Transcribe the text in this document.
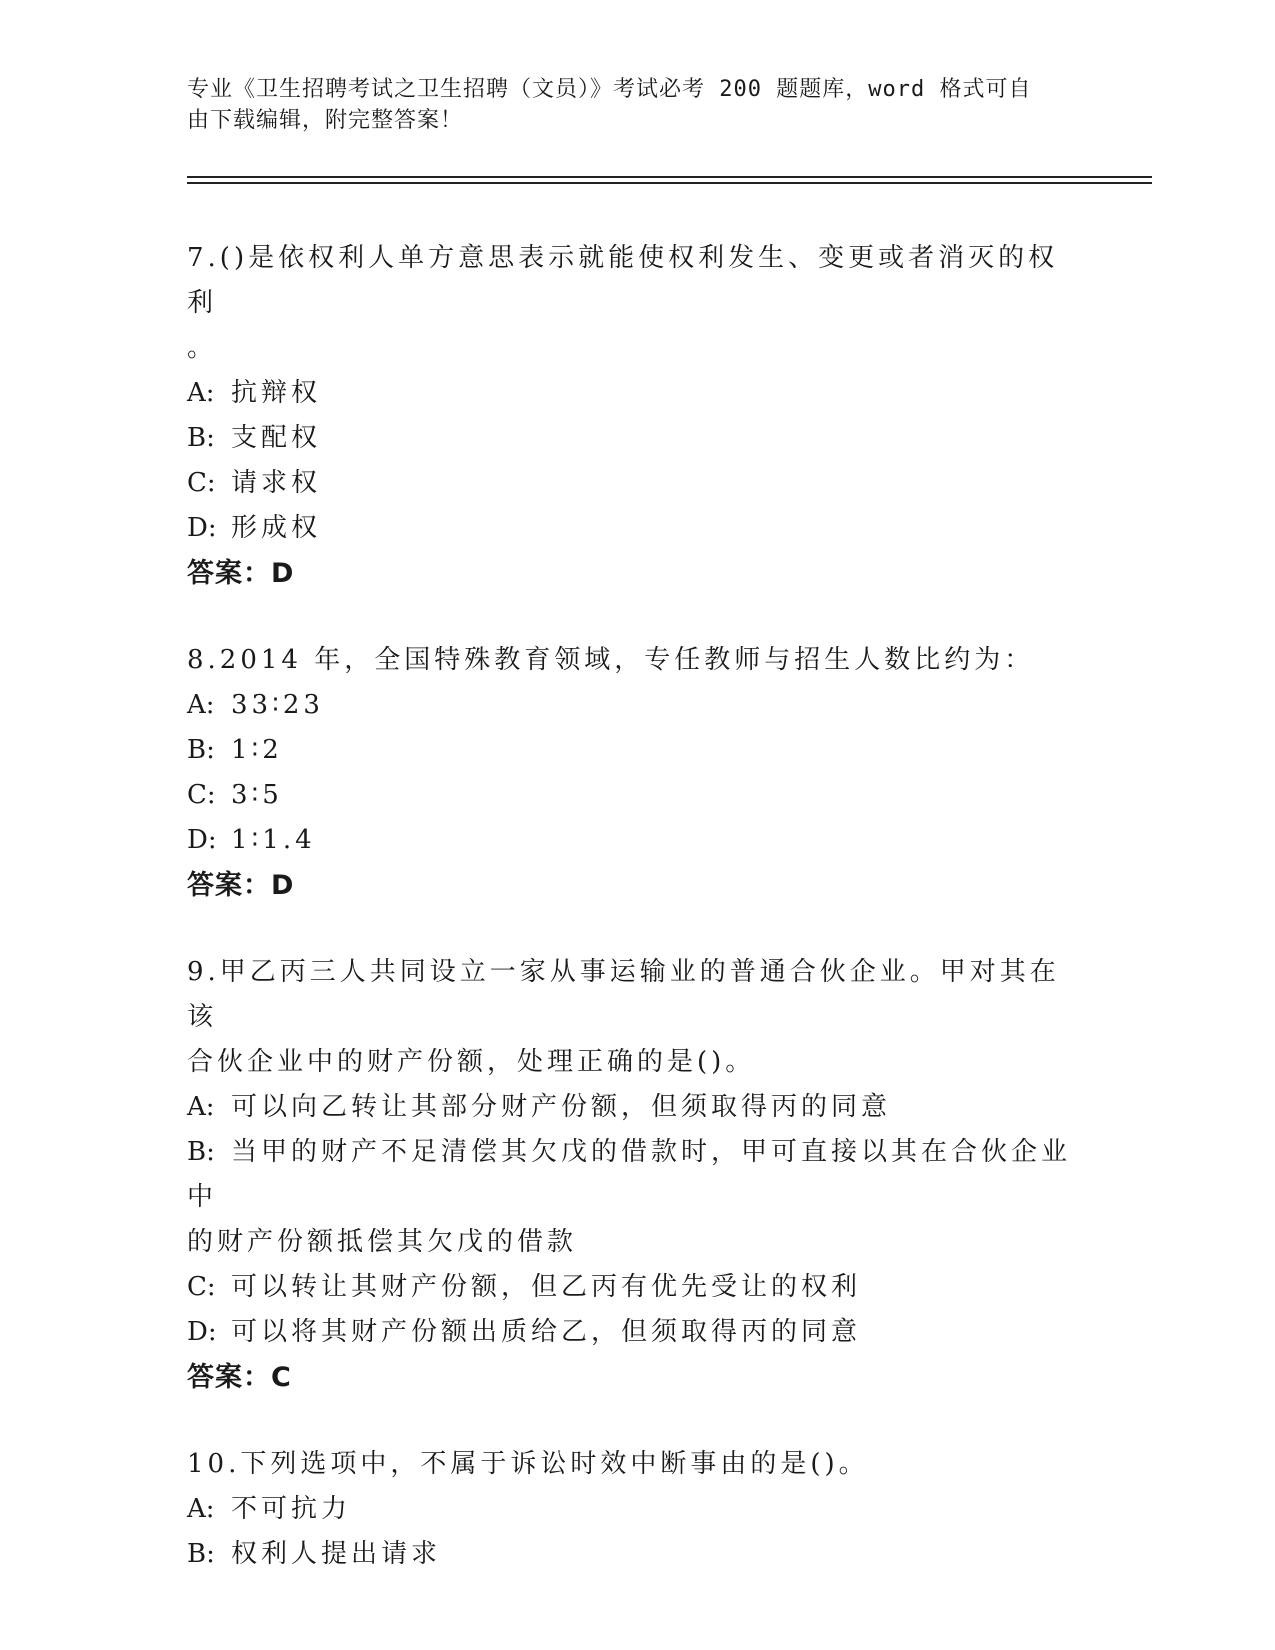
专业《卫生招聘考试之卫生招聘（文员）》考试必考 200 题题库，word 格式可自
由下载编辑，附完整答案！

7.()是依权利人单方意思表示就能使权利发生、变更或者消灭的权利

。

A: 抗辩权

B: 支配权

C: 请求权

D: 形成权

答案：D

8.2014 年，全国特殊教育领域，专任教师与招生人数比约为：

A: 33∶23

B: 1∶2

C: 3∶5

D: 1∶1.4

答案：D

9.甲乙丙三人共同设立一家从事运输业的普通合伙企业。甲对其在该

合伙企业中的财产份额，处理正确的是()。

A: 可以向乙转让其部分财产份额，但须取得丙的同意

B: 当甲的财产不足清偿其欠戊的借款时，甲可直接以其在合伙企业中

的财产份额抵偿其欠戊的借款

C: 可以转让其财产份额，但乙丙有优先受让的权利

D: 可以将其财产份额出质给乙，但须取得丙的同意

答案：C

10.下列选项中，不属于诉讼时效中断事由的是()。

A: 不可抗力

B: 权利人提出请求
